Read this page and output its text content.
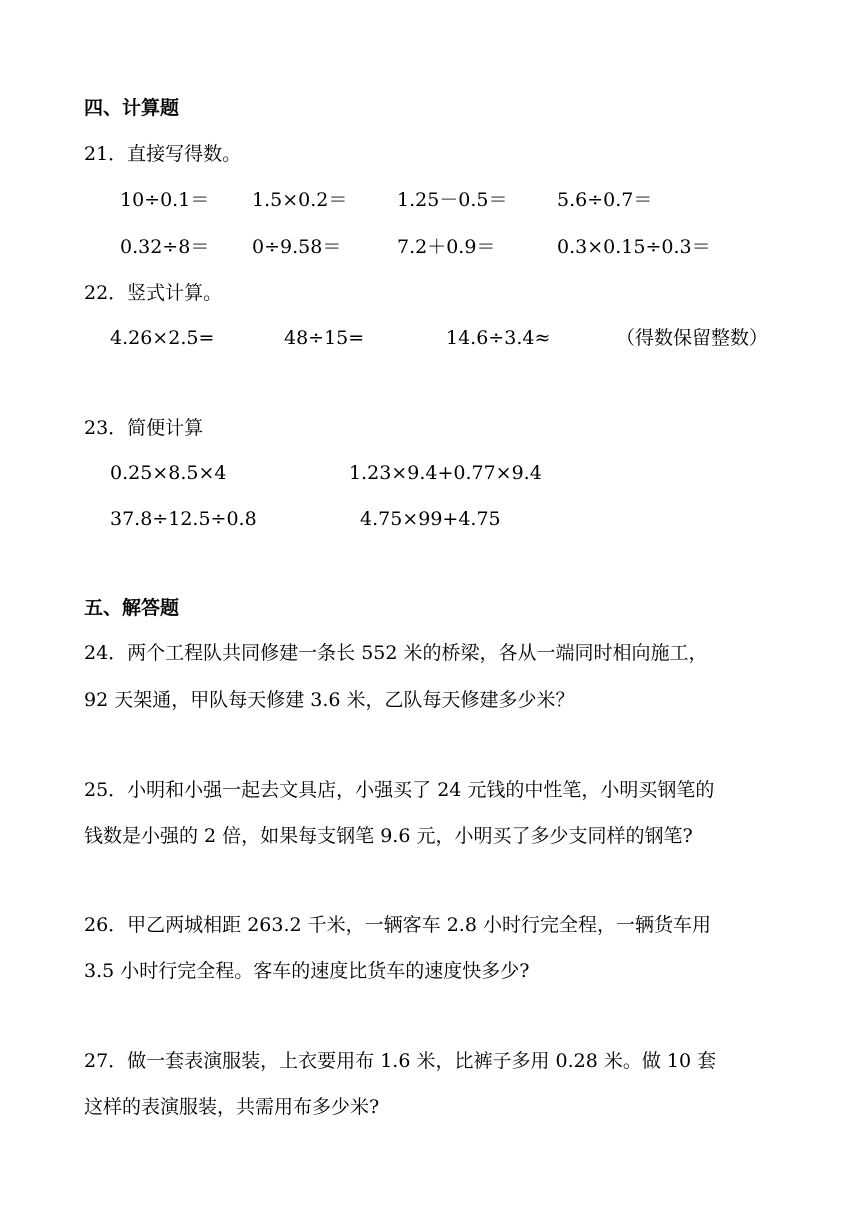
四、计算题
21．直接写得数。
10÷0.1＝ 1.5×0.2＝	1.25－0.5＝	5.6÷0.7＝
0.32÷8＝ 0÷9.58＝	7.2＋0.9＝	0.3×0.15÷0.3＝
22．竖式计算。
4.26×2.5=	48÷15=	14.6÷3.4≈	（得数保留整数）
23．简便计算
0.25×8.5×4	1.23×9.4+0.77×9.4
37.8÷12.5÷0.8	4.75×99+4.75
五、解答题
24．两个工程队共同修建一条长 552 米的桥梁，各从一端同时相向施工，
92 天架通，甲队每天修建 3.6 米，乙队每天修建多少米？
25．小明和小强一起去文具店，小强买了 24 元钱的中性笔，小明买钢笔的
钱数是小强的 2 倍，如果每支钢笔 9.6 元，小明买了多少支同样的钢笔?
26．甲乙两城相距 263.2 千米，一辆客车 2.8 小时行完全程，一辆货车用
3.5 小时行完全程。客车的速度比货车的速度快多少?
27．做一套表演服装，上衣要用布 1.6 米，比裤子多用 0.28 米。做 10 套
这样的表演服装，共需用布多少米?
